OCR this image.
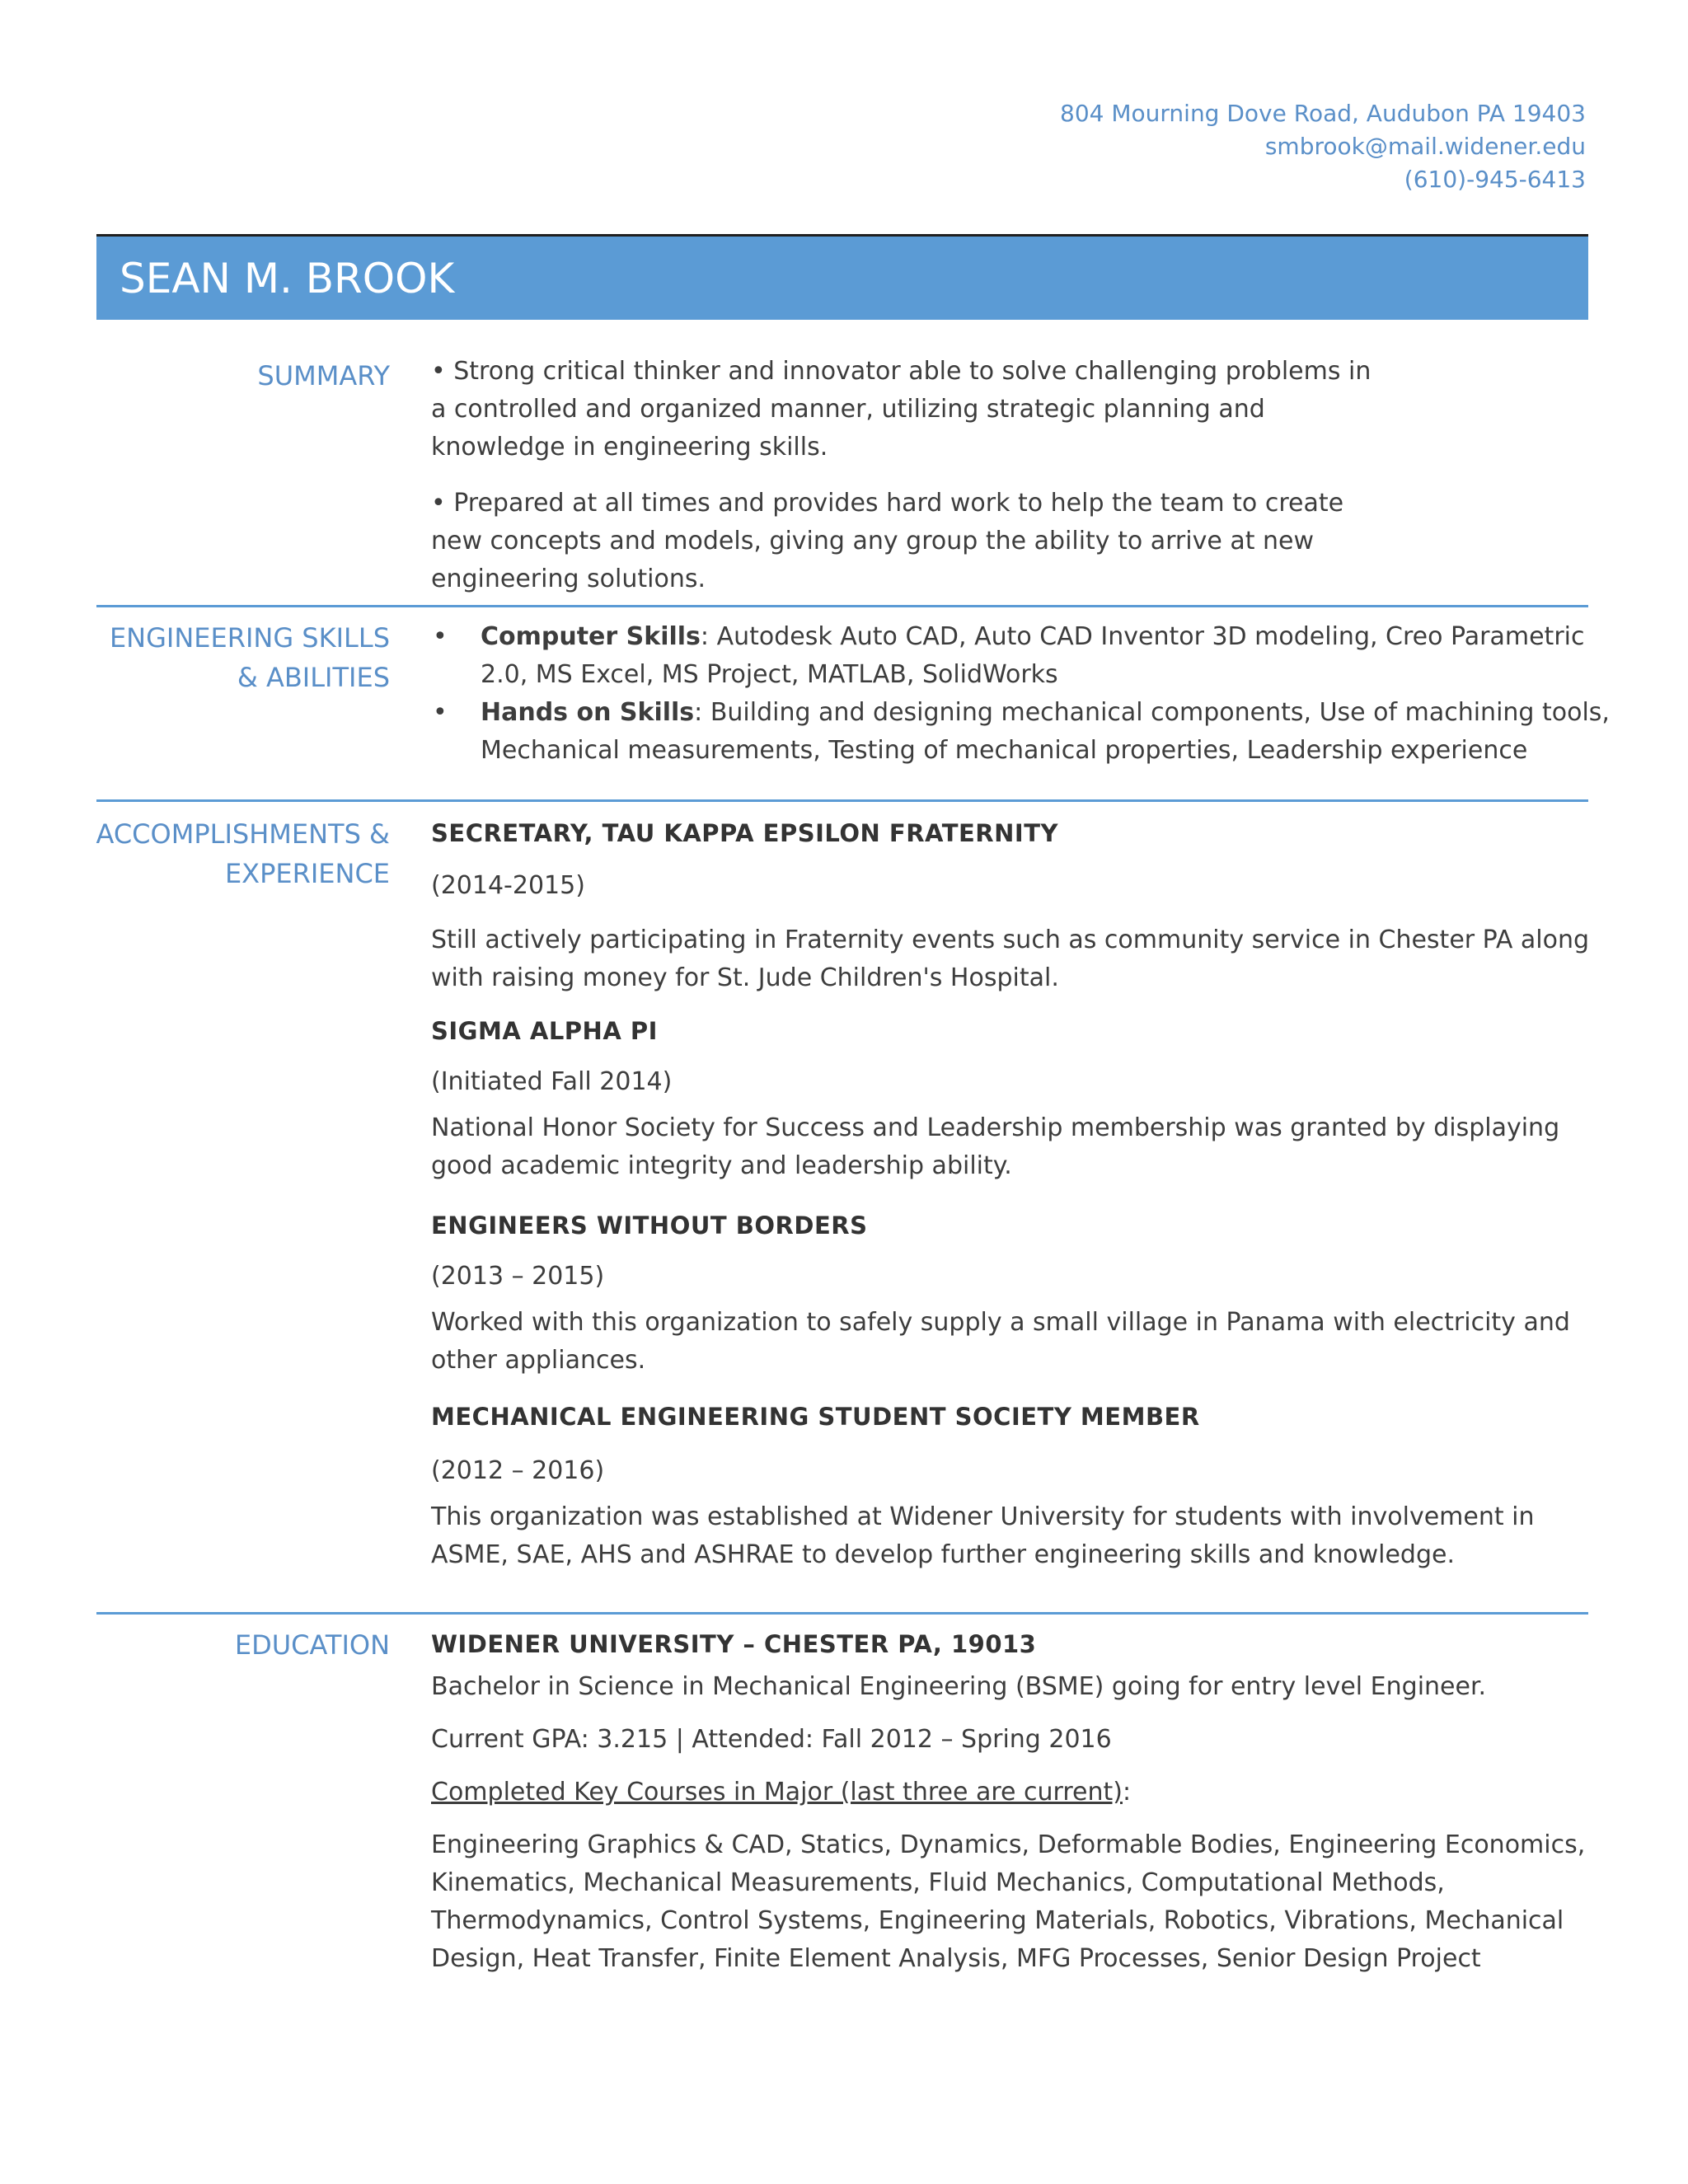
804 Mourning Dove Road, Audubon PA 19403
smbrook@mail.widener.edu
(610)-945-6413
SEAN M. BROOK
SUMMARY • Strong critical thinker and innovator able to solve challenging problems in
a controlled and organized manner, utilizing strategic planning and
knowledge in engineering skills.

• Prepared at all times and provides hard work to help the team to create
new concepts and models, giving any group the ability to arrive at new
engineering solutions.

ENGINEERING SKILLS
& ABILITIES
• Computer Skills: Autodesk Auto CAD, Auto CAD Inventor 3D modeling, Creo Parametric
2.0, MS Excel, MS Project, MATLAB, SolidWorks
• Hands on Skills: Building and designing mechanical components, Use of machining tools,
Mechanical measurements, Testing of mechanical properties, Leadership experience
ACCOMPLISHMENTS &
EXPERIENCE
SECRETARY, TAU KAPPA EPSILON FRATERNITY
(2014-2015)
Still actively participating in Fraternity events such as community service in Chester PA along
with raising money for St. Jude Children's Hospital.
SIGMA ALPHA PI
(Initiated Fall 2014)
National Honor Society for Success and Leadership membership was granted by displaying
good academic integrity and leadership ability.
ENGINEERS WITHOUT BORDERS
(2013 – 2015)
Worked with this organization to safely supply a small village in Panama with electricity and
other appliances.
MECHANICAL ENGINEERING STUDENT SOCIETY MEMBER
(2012 – 2016)
This organization was established at Widener University for students with involvement in
ASME, SAE, AHS and ASHRAE to develop further engineering skills and knowledge.
EDUCATION WIDENER UNIVERSITY – CHESTER PA, 19013
Bachelor in Science in Mechanical Engineering (BSME) going for entry level Engineer.
Current GPA: 3.215 | Attended: Fall 2012 – Spring 2016
Completed Key Courses in Major (last three are current):
Engineering Graphics & CAD, Statics, Dynamics, Deformable Bodies, Engineering Economics,
Kinematics, Mechanical Measurements, Fluid Mechanics, Computational Methods,
Thermodynamics, Control Systems, Engineering Materials, Robotics, Vibrations, Mechanical
Design, Heat Transfer, Finite Element Analysis, MFG Processes, Senior Design Project
